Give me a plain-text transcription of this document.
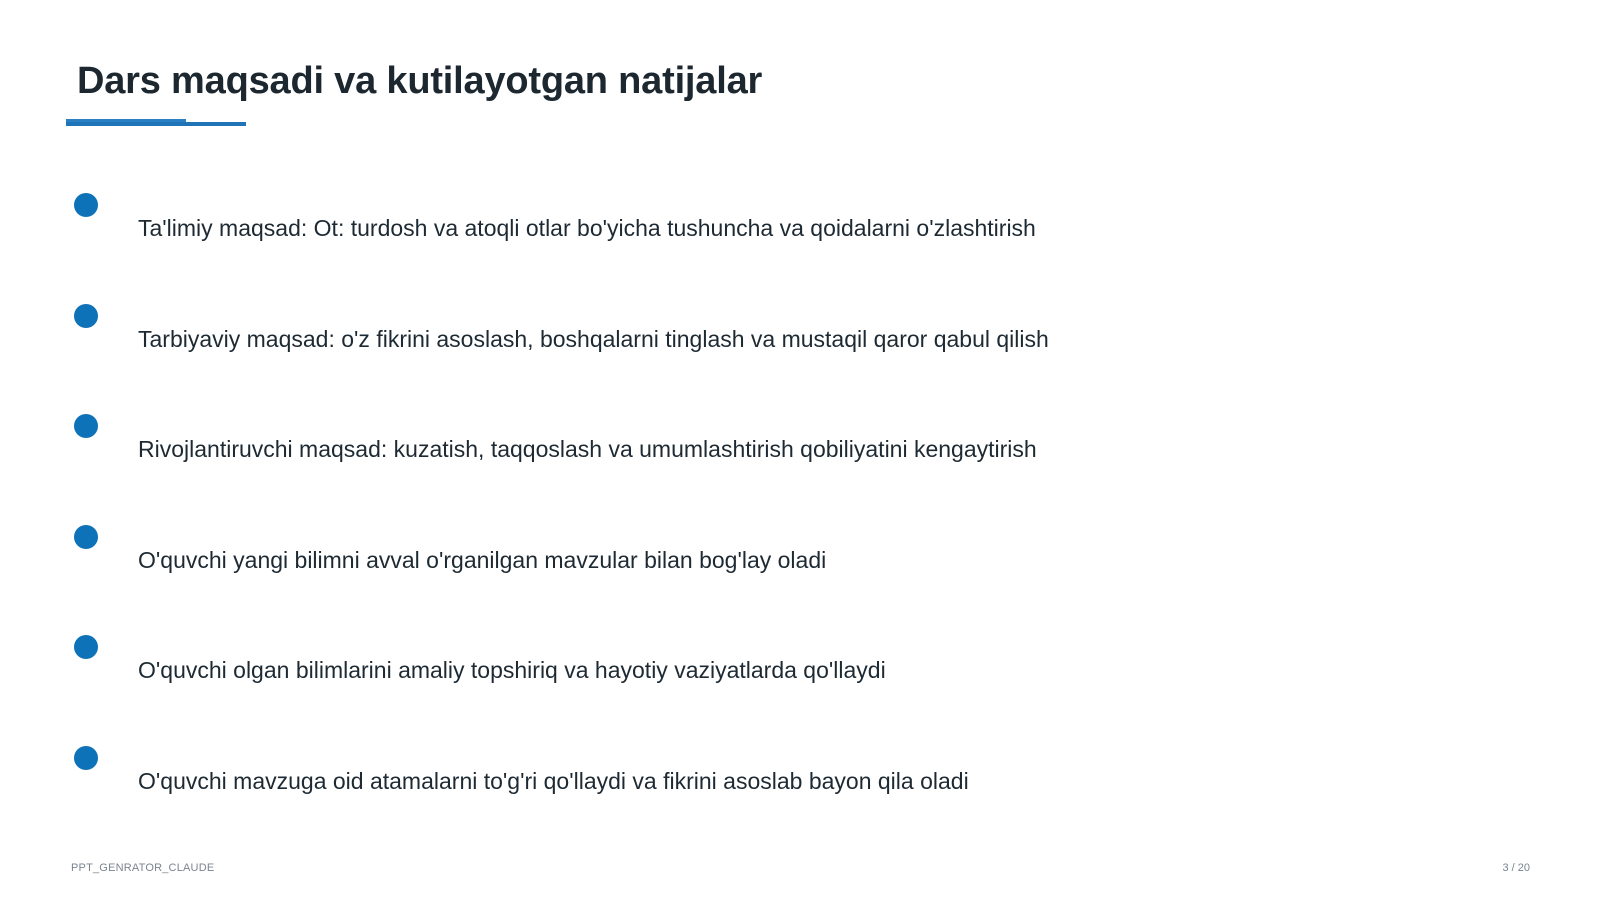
Dars maqsadi va kutilayotgan natijalar
Ta'limiy maqsad: Ot: turdosh va atoqli otlar bo'yicha tushuncha va qoidalarni o'zlashtirish
Tarbiyaviy maqsad: o'z fikrini asoslash, boshqalarni tinglash va mustaqil qaror qabul qilish
Rivojlantiruvchi maqsad: kuzatish, taqqoslash va umumlashtirish qobiliyatini kengaytirish
O'quvchi yangi bilimni avval o'rganilgan mavzular bilan bog'lay oladi
O'quvchi olgan bilimlarini amaliy topshiriq va hayotiy vaziyatlarda qo'llaydi
O'quvchi mavzuga oid atamalarni to'g'ri qo'llaydi va fikrini asoslab bayon qila oladi
PPT_GENRATOR_CLAUDE	3 / 20
